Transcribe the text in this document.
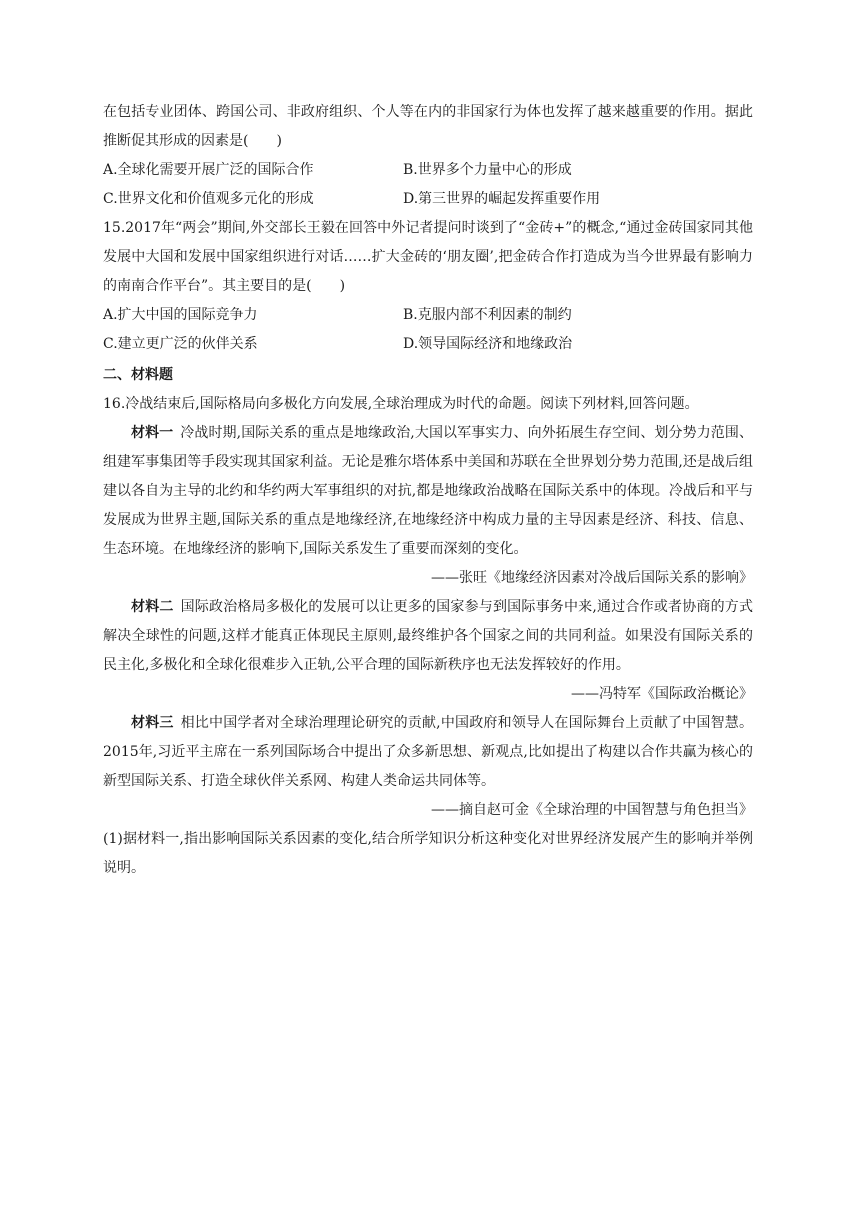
在包括专业团体、跨国公司、非政府组织、个人等在内的非国家行为体也发挥了越来越重要的作用。据此推断促其形成的因素是(　　)

A.全球化需要开展广泛的国际合作	B.世界多个力量中心的形成
C.世界文化和价值观多元化的形成	D.第三世界的崛起发挥重要作用

15.2017年“两会”期间,外交部长王毅在回答中外记者提问时谈到了“金砖+”的概念,“通过金砖国家同其他发展中大国和发展中国家组织进行对话……扩大金砖的‘朋友圈’,把金砖合作打造成为当今世界最有影响力的南南合作平台”。其主要目的是(　　)

A.扩大中国的国际竞争力	B.克服内部不利因素的制约
C.建立更广泛的伙伴关系	D.领导国际经济和地缘政治

二、材料题

16.冷战结束后,国际格局向多极化方向发展,全球治理成为时代的命题。阅读下列材料,回答问题。

材料一 冷战时期,国际关系的重点是地缘政治,大国以军事实力、向外拓展生存空间、划分势力范围、组建军事集团等手段实现其国家利益。无论是雅尔塔体系中美国和苏联在全世界划分势力范围,还是战后组建以各自为主导的北约和华约两大军事组织的对抗,都是地缘政治战略在国际关系中的体现。冷战后和平与发展成为世界主题,国际关系的重点是地缘经济,在地缘经济中构成力量的主导因素是经济、科技、信息、生态环境。在地缘经济的影响下,国际关系发生了重要而深刻的变化。

——张旺《地缘经济因素对冷战后国际关系的影响》

材料二 国际政治格局多极化的发展可以让更多的国家参与到国际事务中来,通过合作或者协商的方式解决全球性的问题,这样才能真正体现民主原则,最终维护各个国家之间的共同利益。如果没有国际关系的民主化,多极化和全球化很难步入正轨,公平合理的国际新秩序也无法发挥较好的作用。

——冯特军《国际政治概论》

材料三 相比中国学者对全球治理理论研究的贡献,中国政府和领导人在国际舞台上贡献了中国智慧。2015年,习近平主席在一系列国际场合中提出了众多新思想、新观点,比如提出了构建以合作共赢为核心的新型国际关系、打造全球伙伴关系网、构建人类命运共同体等。

——摘自赵可金《全球治理的中国智慧与角色担当》

(1)据材料一,指出影响国际关系因素的变化,结合所学知识分析这种变化对世界经济发展产生的影响并举例说明。
